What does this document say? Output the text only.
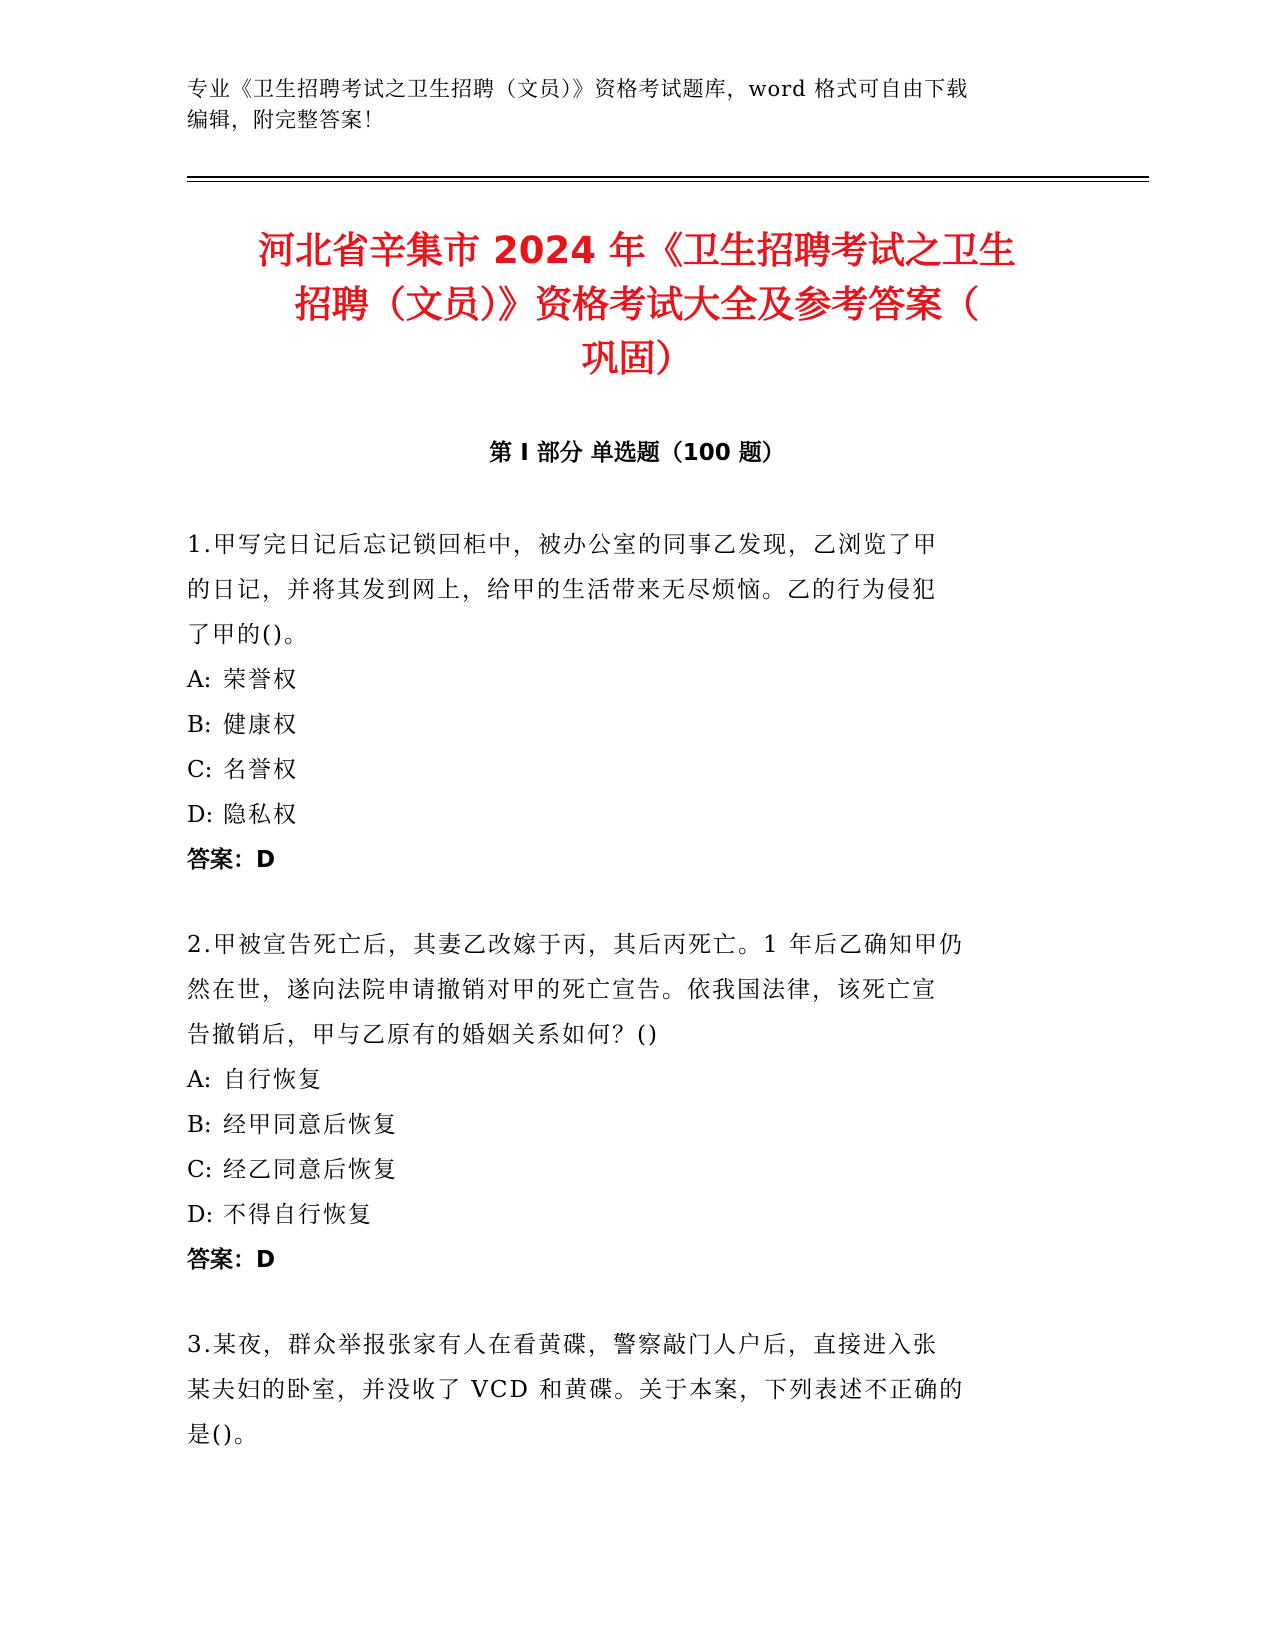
专业《卫生招聘考试之卫生招聘（文员）》资格考试题库，word 格式可自由下载
编辑，附完整答案！
河北省辛集市 2024 年《卫生招聘考试之卫生
招聘（文员）》资格考试大全及参考答案（
巩固）
第 I 部分 单选题（100 题）
1.甲写完日记后忘记锁回柜中，被办公室的同事乙发现，乙浏览了甲
的日记，并将其发到网上，给甲的生活带来无尽烦恼。乙的行为侵犯
了甲的()。
A: 荣誉权
B: 健康权
C: 名誉权
D: 隐私权
答案：D
2.甲被宣告死亡后，其妻乙改嫁于丙，其后丙死亡。1 年后乙确知甲仍
然在世，遂向法院申请撤销对甲的死亡宣告。依我国法律，该死亡宣
告撤销后，甲与乙原有的婚姻关系如何？()
A: 自行恢复
B: 经甲同意后恢复
C: 经乙同意后恢复
D: 不得自行恢复
答案：D
3.某夜，群众举报张家有人在看黄碟，警察敲门人户后，直接进入张
某夫妇的卧室，并没收了 VCD 和黄碟。关于本案，下列表述不正确的
是()。
